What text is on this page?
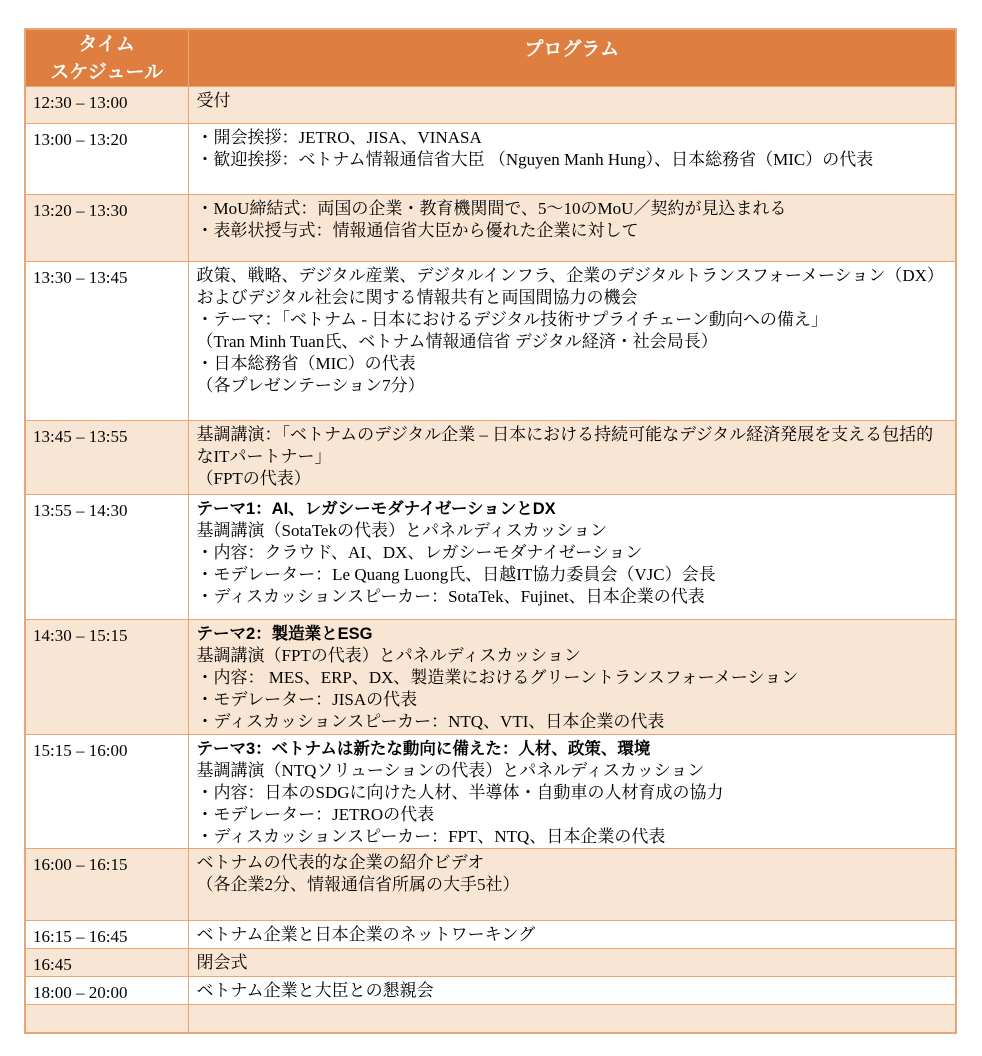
タイム
スケジュール	プログラム
12:30 – 13:00	受付

13:00 – 13:20	・開会挨拶：JETRO、JISA、VINASA
・歓迎挨拶：ベトナム情報通信省大臣 （Nguyen Manh Hung）、日本総務省（MIC）の代表

13:20 – 13:30	・MoU締結式：両国の企業・教育機関間で、5～10のMoU／契約が見込まれる
・表彰状授与式：情報通信省大臣から優れた企業に対して

13:30 – 13:45	政策、戦略、デジタル産業、デジタルインフラ、企業のデジタルトランスフォーメーション（DX）およびデジタル社会に関する情報共有と両国間協力の機会
・テーマ：「ベトナム - 日本におけるデジタル技術サプライチェーン動向への備え」
（Tran Minh Tuan氏、ベトナム情報通信省 デジタル経済・社会局長）
・日本総務省（MIC）の代表
（各プレゼンテーション7分）

13:45 – 13:55	基調講演：「ベトナムのデジタル企業 – 日本における持続可能なデジタル経済発展を支える包括的なITパートナー」
（FPTの代表）

13:55 – 14:30	テーマ1：AI、レガシーモダナイゼーションとDX
基調講演（SotaTekの代表）とパネルディスカッション
・内容：クラウド、AI、DX、レガシーモダナイゼーション
・モデレーター：Le Quang Luong氏、日越IT協力委員会（VJC）会長
・ディスカッションスピーカー：SotaTek、Fujinet、日本企業の代表

14:30 – 15:15	テーマ2：製造業とESG
基調講演（FPTの代表）とパネルディスカッション
・内容： MES、ERP、DX、製造業におけるグリーントランスフォーメーション
・モデレーター：JISAの代表
・ディスカッションスピーカー：NTQ、VTI、日本企業の代表

15:15 – 16:00	テーマ3：ベトナムは新たな動向に備えた：人材、政策、環境
基調講演（NTQソリューションの代表）とパネルディスカッション
・内容：日本のSDGに向けた人材、半導体・自動車の人材育成の協力
・モデレーター：JETROの代表
・ディスカッションスピーカー：FPT、NTQ、日本企業の代表

16:00 – 16:15	ベトナムの代表的な企業の紹介ビデオ
（各企業2分、情報通信省所属の大手5社）

16:15 – 16:45	ベトナム企業と日本企業のネットワーキング

16:45	閉会式

18:00 – 20:00	ベトナム企業と大臣との懇親会
